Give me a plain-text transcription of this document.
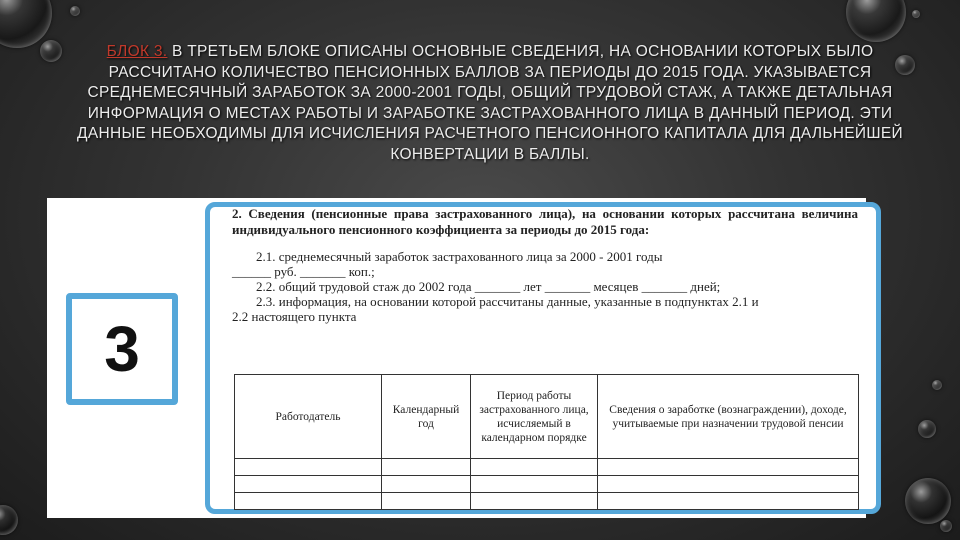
БЛОК 3. В ТРЕТЬЕМ БЛОКЕ ОПИСАНЫ ОСНОВНЫЕ СВЕДЕНИЯ, НА ОСНОВАНИИ КОТОРЫХ БЫЛО РАССЧИТАНО КОЛИЧЕСТВО ПЕНСИОННЫХ БАЛЛОВ ЗА ПЕРИОДЫ ДО 2015 ГОДА. УКАЗЫВАЕТСЯ СРЕДНЕМЕСЯЧНЫЙ ЗАРАБОТОК ЗА 2000-2001 ГОДЫ, ОБЩИЙ ТРУДОВОЙ СТАЖ, А ТАКЖЕ ДЕТАЛЬНАЯ ИНФОРМАЦИЯ О МЕСТАХ РАБОТЫ И ЗАРАБОТКЕ ЗАСТРАХОВАННОГО ЛИЦА В ДАННЫЙ ПЕРИОД. ЭТИ ДАННЫЕ НЕОБХОДИМЫ ДЛЯ ИСЧИСЛЕНИЯ РАСЧЕТНОГО ПЕНСИОННОГО КАПИТАЛА ДЛЯ ДАЛЬНЕЙШЕЙ КОНВЕРТАЦИИ В БАЛЛЫ.
3
2. Сведения (пенсионные права застрахованного лица), на основании которых рассчитана величина индивидуального пенсионного коэффициента за периоды до 2015 года:
2.1. среднемесячный заработок застрахованного лица за 2000 - 2001 годы
______ руб. _______ коп.;
2.2. общий трудовой стаж до 2002 года _______ лет _______ месяцев _______ дней;
2.3. информация, на основании которой рассчитаны данные, указанные в подпунктах 2.1 и
2.2 настоящего пункта
Работодатель	Календарный год	Период работы застрахованного лица, исчисляемый в календарном порядке	Сведения о заработке (вознаграждении), доходе, учитываемые при назначении трудовой пенсии
